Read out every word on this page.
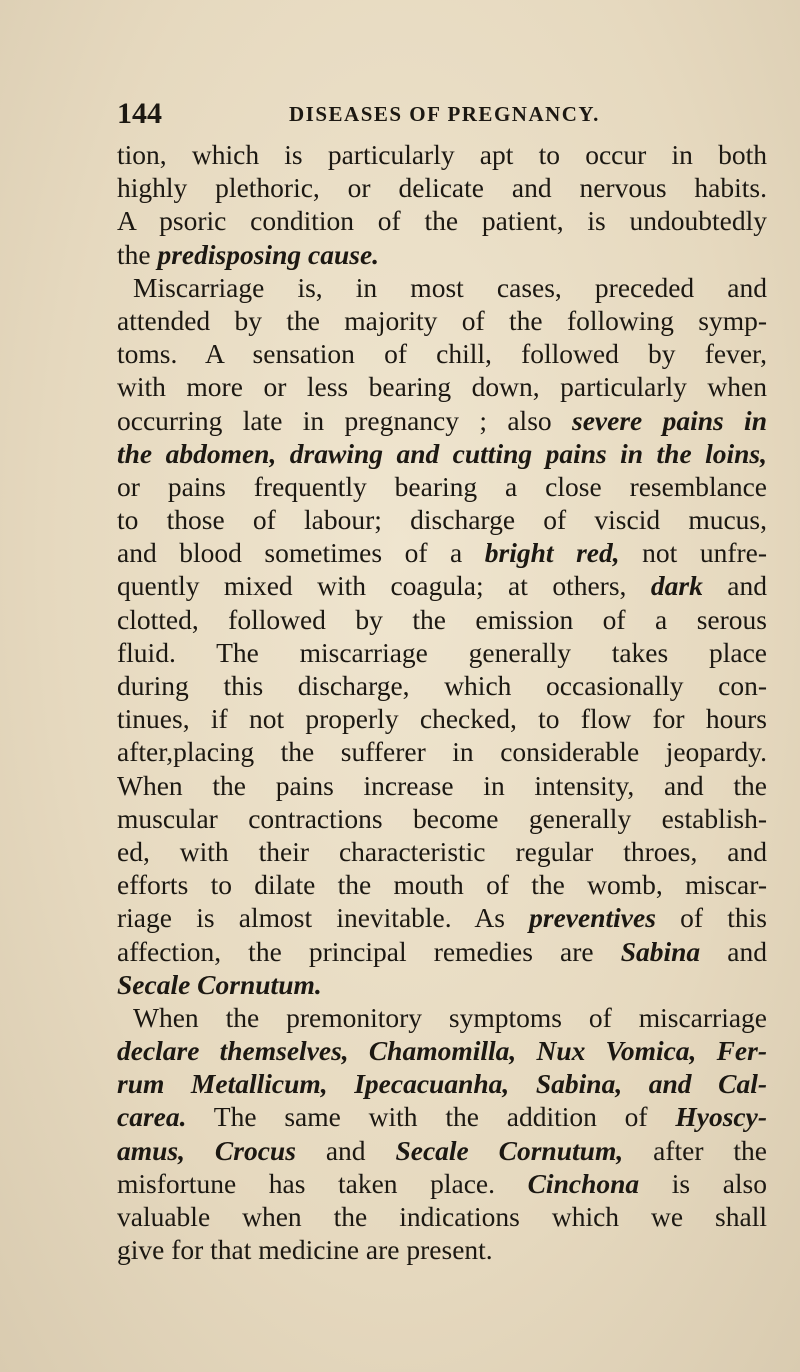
144	DISEASES OF PREGNANCY.
tion, which is particularly apt to occur in both
highly plethoric, or delicate and nervous habits.
A psoric condition of the patient, is undoubtedly
the predisposing cause.
Miscarriage is, in most cases, preceded and
attended by the majority of the following symp-
toms. A sensation of chill, followed by fever,
with more or less bearing down, particularly when
occurring late in pregnancy ; also severe pains in
the abdomen, drawing and cutting pains in the loins,
or pains frequently bearing a close resemblance
to those of labour; discharge of viscid mucus,
and blood sometimes of a bright red, not unfre-
quently mixed with coagula; at others, dark and
clotted, followed by the emission of a serous
fluid. The miscarriage generally takes place
during this discharge, which occasionally con-
tinues, if not properly checked, to flow for hours
after,placing the sufferer in considerable jeopardy.
When the pains increase in intensity, and the
muscular contractions become generally establish-
ed, with their characteristic regular throes, and
efforts to dilate the mouth of the womb, miscar-
riage is almost inevitable. As preventives of this
affection, the principal remedies are Sabina and
Secale Cornutum.
When the premonitory symptoms of miscarriage
declare themselves, Chamomilla, Nux Vomica, Fer-
rum Metallicum, Ipecacuanha, Sabina, and Cal-
carea. The same with the addition of Hyoscy-
amus, Crocus and Secale Cornutum, after the
misfortune has taken place. Cinchona is also
valuable when the indications which we shall
give for that medicine are present.
